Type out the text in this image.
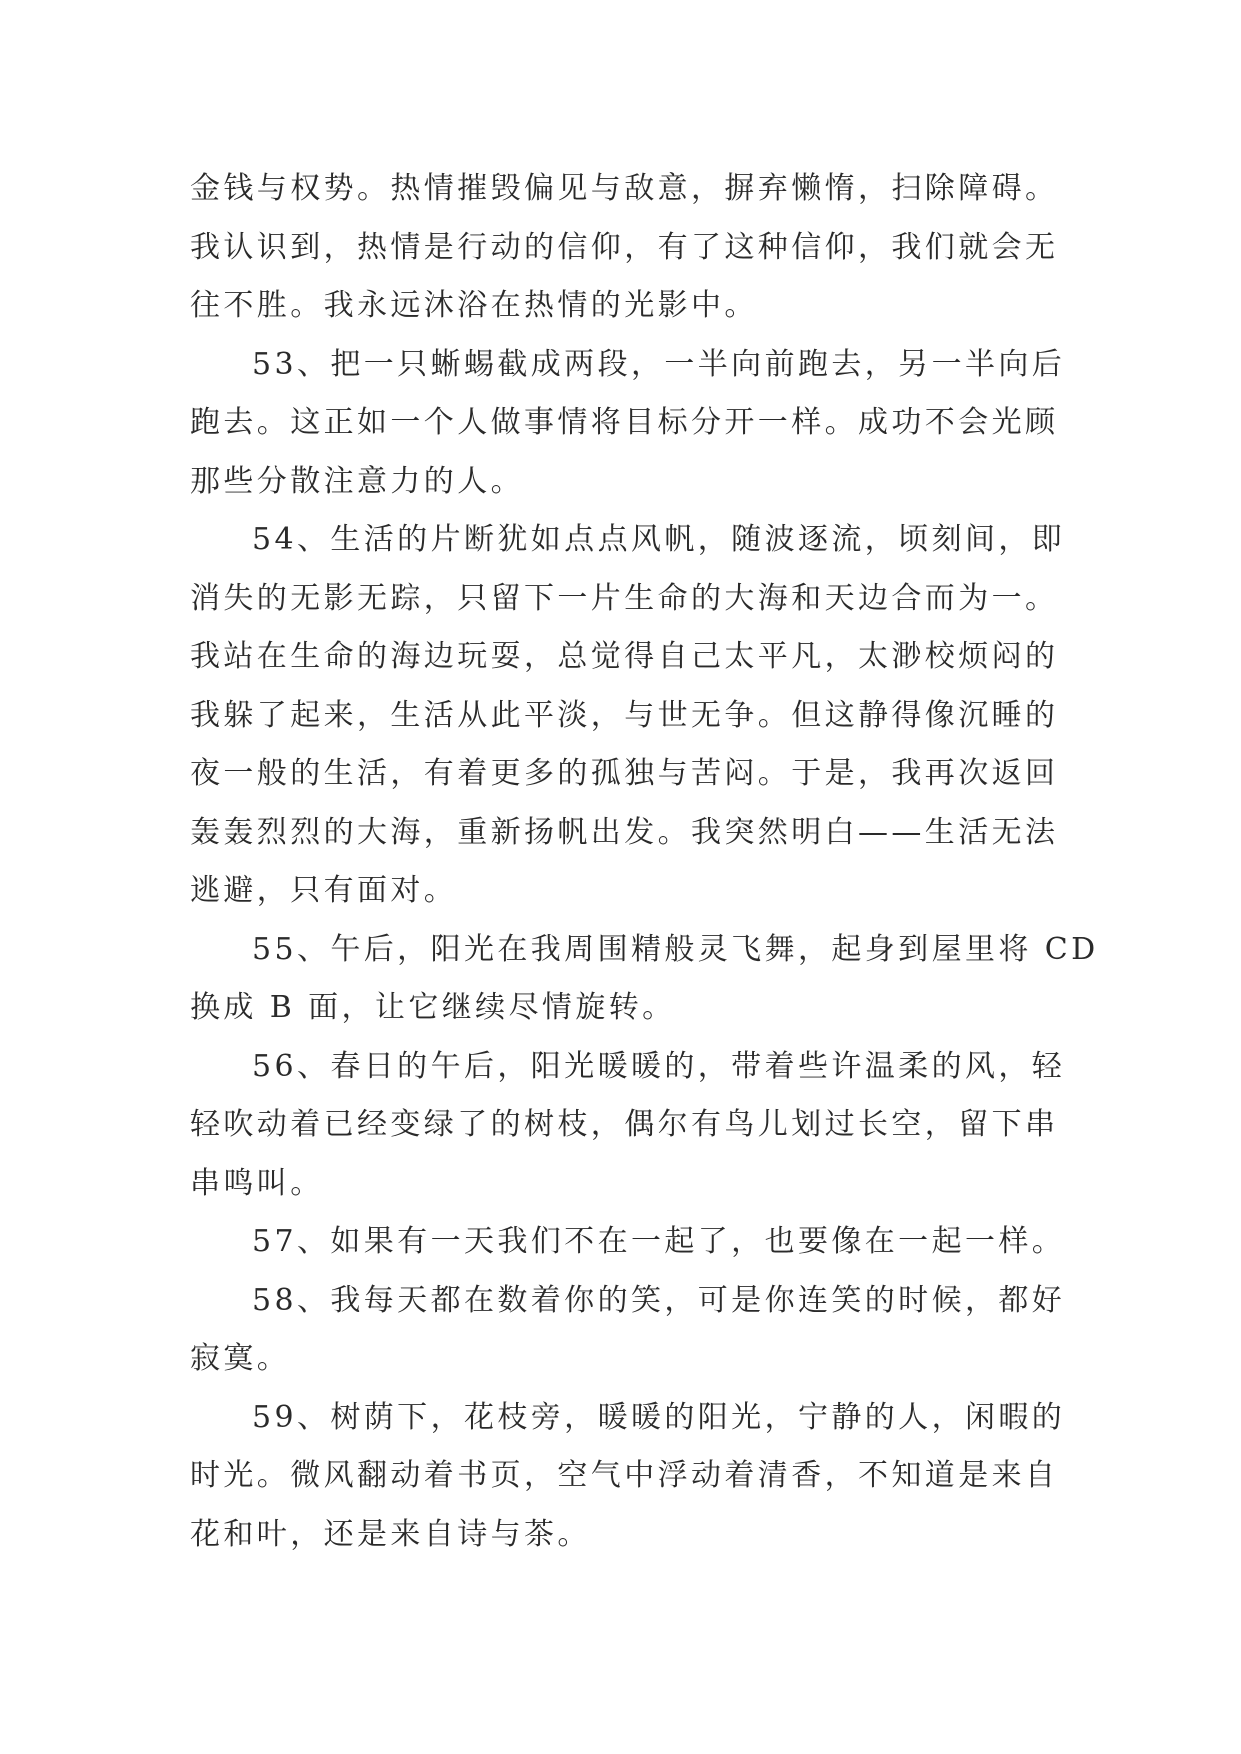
金钱与权势。热情摧毁偏见与敌意，摒弃懒惰，扫除障碍。
我认识到，热情是行动的信仰，有了这种信仰，我们就会无
往不胜。我永远沐浴在热情的光影中。
53、把一只蜥蜴截成两段，一半向前跑去，另一半向后
跑去。这正如一个人做事情将目标分开一样。成功不会光顾
那些分散注意力的人。
54、生活的片断犹如点点风帆，随波逐流，顷刻间，即
消失的无影无踪，只留下一片生命的大海和天边合而为一。
我站在生命的海边玩耍，总觉得自己太平凡，太渺校烦闷的
我躲了起来，生活从此平淡，与世无争。但这静得像沉睡的
夜一般的生活，有着更多的孤独与苦闷。于是，我再次返回
轰轰烈烈的大海，重新扬帆出发。我突然明白——生活无法
逃避，只有面对。
55、午后，阳光在我周围精般灵飞舞，起身到屋里将 CD
换成 B 面，让它继续尽情旋转。
56、春日的午后，阳光暖暖的，带着些许温柔的风，轻
轻吹动着已经变绿了的树枝，偶尔有鸟儿划过长空，留下串
串鸣叫。
57、如果有一天我们不在一起了，也要像在一起一样。
58、我每天都在数着你的笑，可是你连笑的时候，都好
寂寞。
59、树荫下，花枝旁，暖暖的阳光，宁静的人，闲暇的
时光。微风翻动着书页，空气中浮动着清香，不知道是来自
花和叶，还是来自诗与茶。
